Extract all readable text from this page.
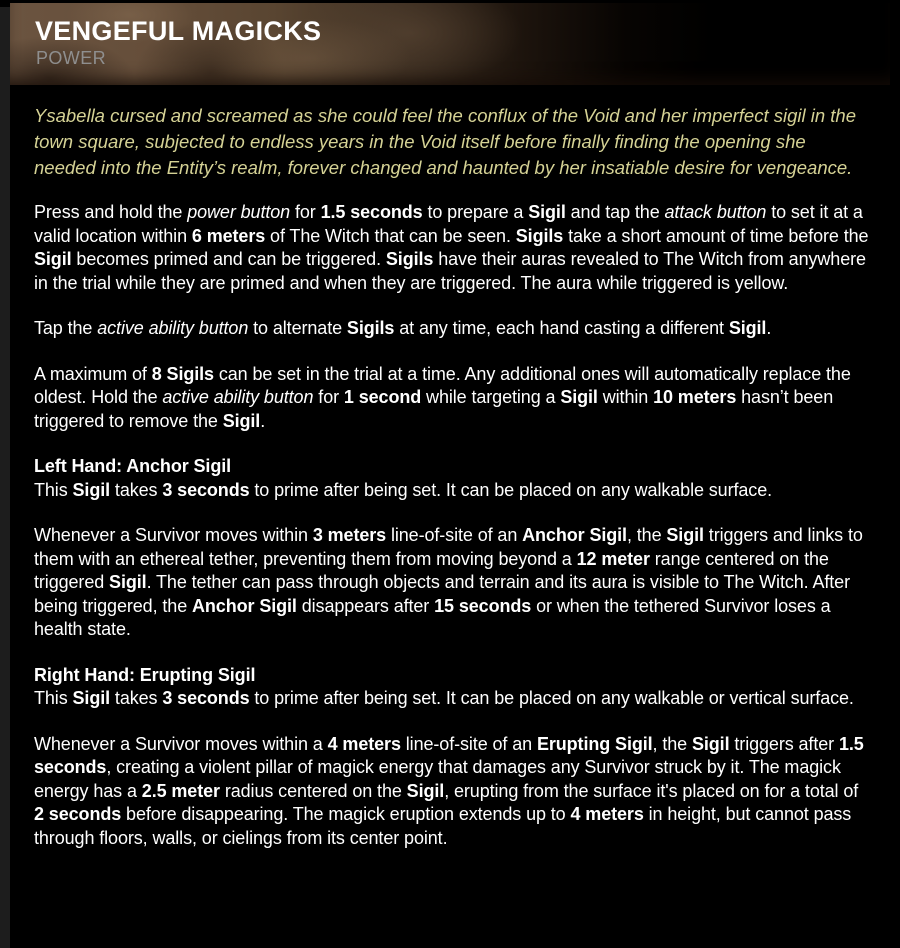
VENGEFUL MAGICKS
POWER

Ysabella cursed and screamed as she could feel the conflux of the Void and her imperfect sigil in the town square, subjected to endless years in the Void itself before finally finding the opening she needed into the Entity’s realm, forever changed and haunted by her insatiable desire for vengeance.

Press and hold the power button for 1.5 seconds to prepare a Sigil and tap the attack button to set it at a valid location within 6 meters of The Witch that can be seen. Sigils take a short amount of time before the Sigil becomes primed and can be triggered. Sigils have their auras revealed to The Witch from anywhere in the trial while they are primed and when they are triggered. The aura while triggered is yellow.

Tap the active ability button to alternate Sigils at any time, each hand casting a different Sigil.

A maximum of 8 Sigils can be set in the trial at a time. Any additional ones will automatically replace the oldest. Hold the active ability button for 1 second while targeting a Sigil within 10 meters hasn’t been triggered to remove the Sigil.

Left Hand: Anchor Sigil

This Sigil takes 3 seconds to prime after being set. It can be placed on any walkable surface.

Whenever a Survivor moves within 3 meters line-of-site of an Anchor Sigil, the Sigil triggers and links to them with an ethereal tether, preventing them from moving beyond a 12 meter range centered on the triggered Sigil. The tether can pass through objects and terrain and its aura is visible to The Witch. After being triggered, the Anchor Sigil disappears after 15 seconds or when the tethered Survivor loses a health state.

Right Hand: Erupting Sigil

This Sigil takes 3 seconds to prime after being set. It can be placed on any walkable or vertical surface.

Whenever a Survivor moves within a 4 meters line-of-site of an Erupting Sigil, the Sigil triggers after 1.5 seconds, creating a violent pillar of magick energy that damages any Survivor struck by it. The magick energy has a 2.5 meter radius centered on the Sigil, erupting from the surface it's placed on for a total of 2 seconds before disappearing. The magick eruption extends up to 4 meters in height, but cannot pass through floors, walls, or cielings from its center point.
